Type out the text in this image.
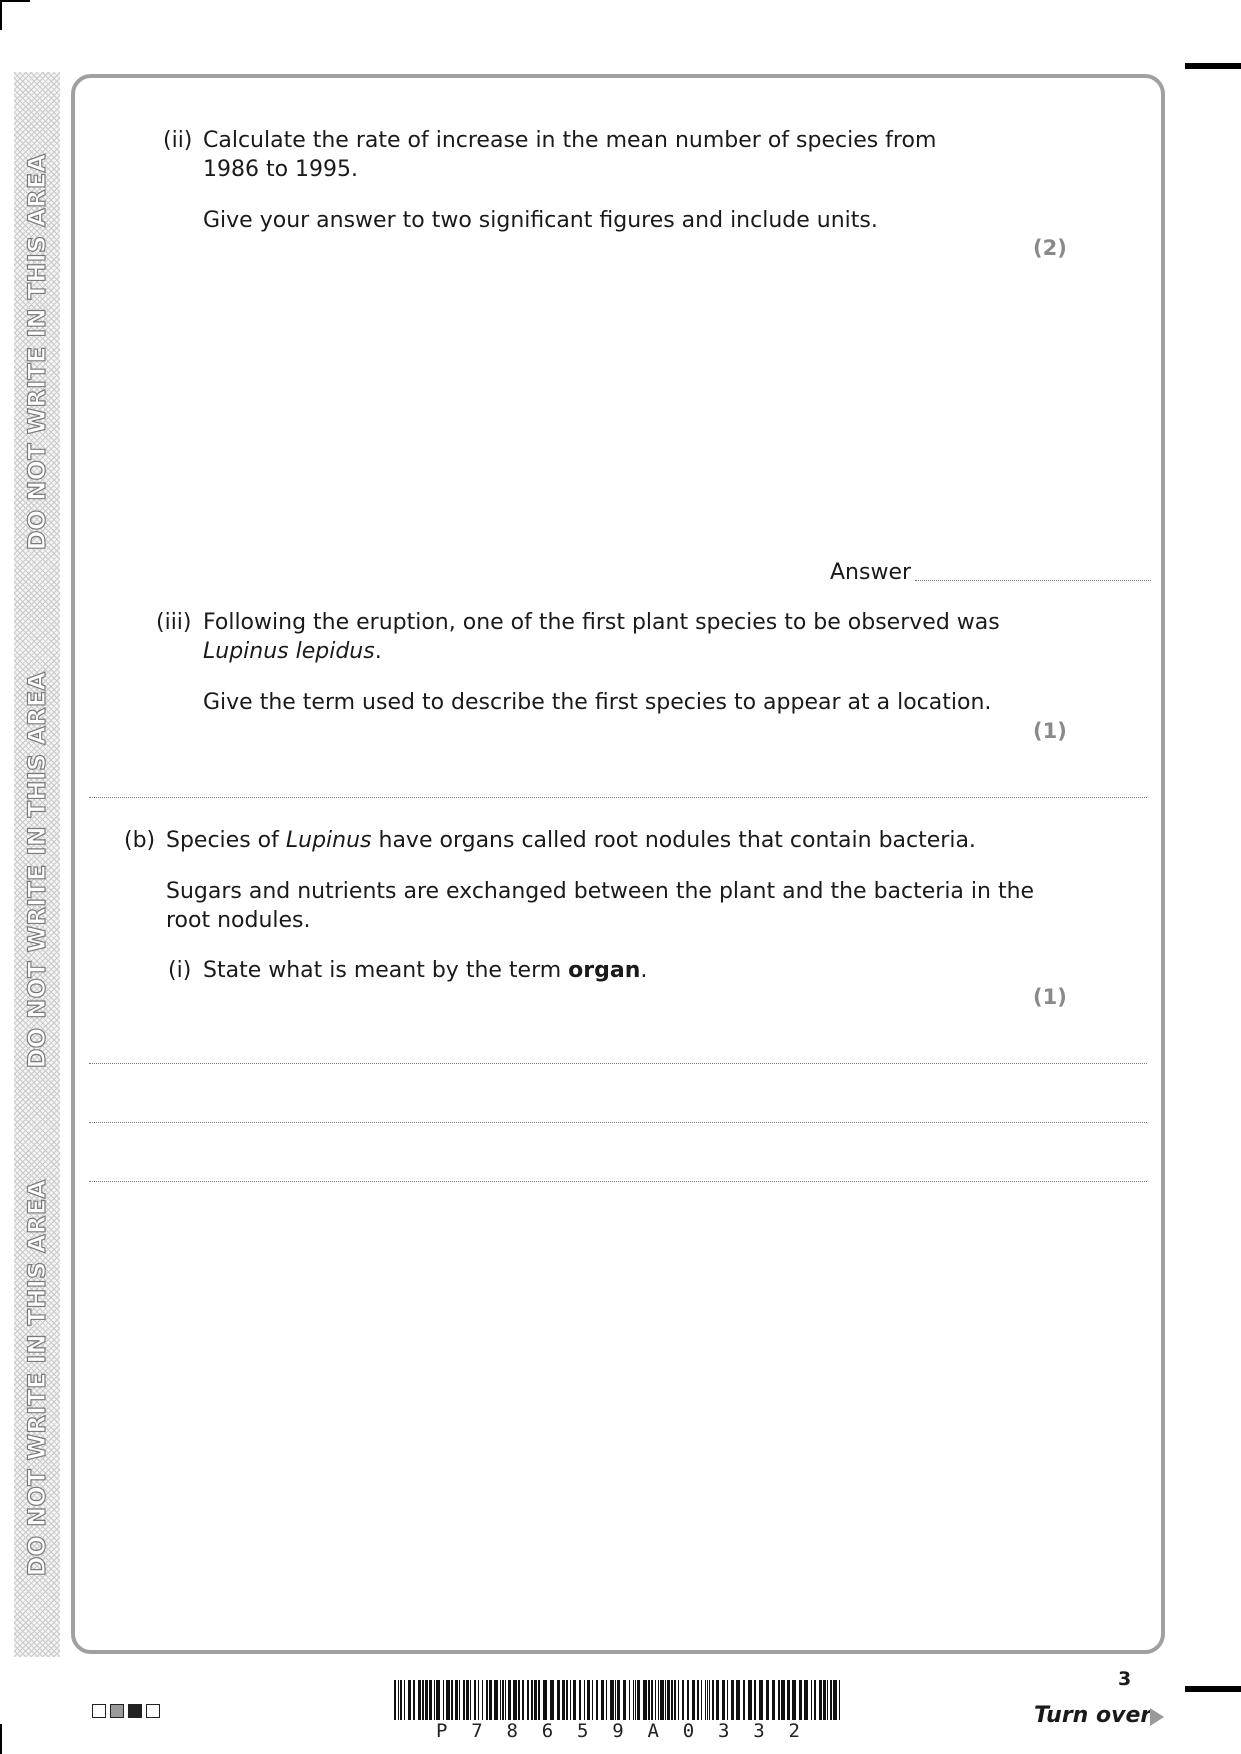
DO NOT WRITE IN THIS AREA
DO NOT WRITE IN THIS AREA
DO NOT WRITE IN THIS AREA
(ii) Calculate the rate of increase in the mean number of species from
1986 to 1995.
Give your answer to two significant figures and include units.
(2)
Answer
(iii) Following the eruption, one of the first plant species to be observed was
Lupinus lepidus.
Give the term used to describe the first species to appear at a location.
(1)
(b) Species of Lupinus have organs called root nodules that contain bacteria.
Sugars and nutrients are exchanged between the plant and the bacteria in the
root nodules.
(i) State what is meant by the term organ.
(1)
P 7 8 6 5 9 A 0 3 3 2
3
Turn over
